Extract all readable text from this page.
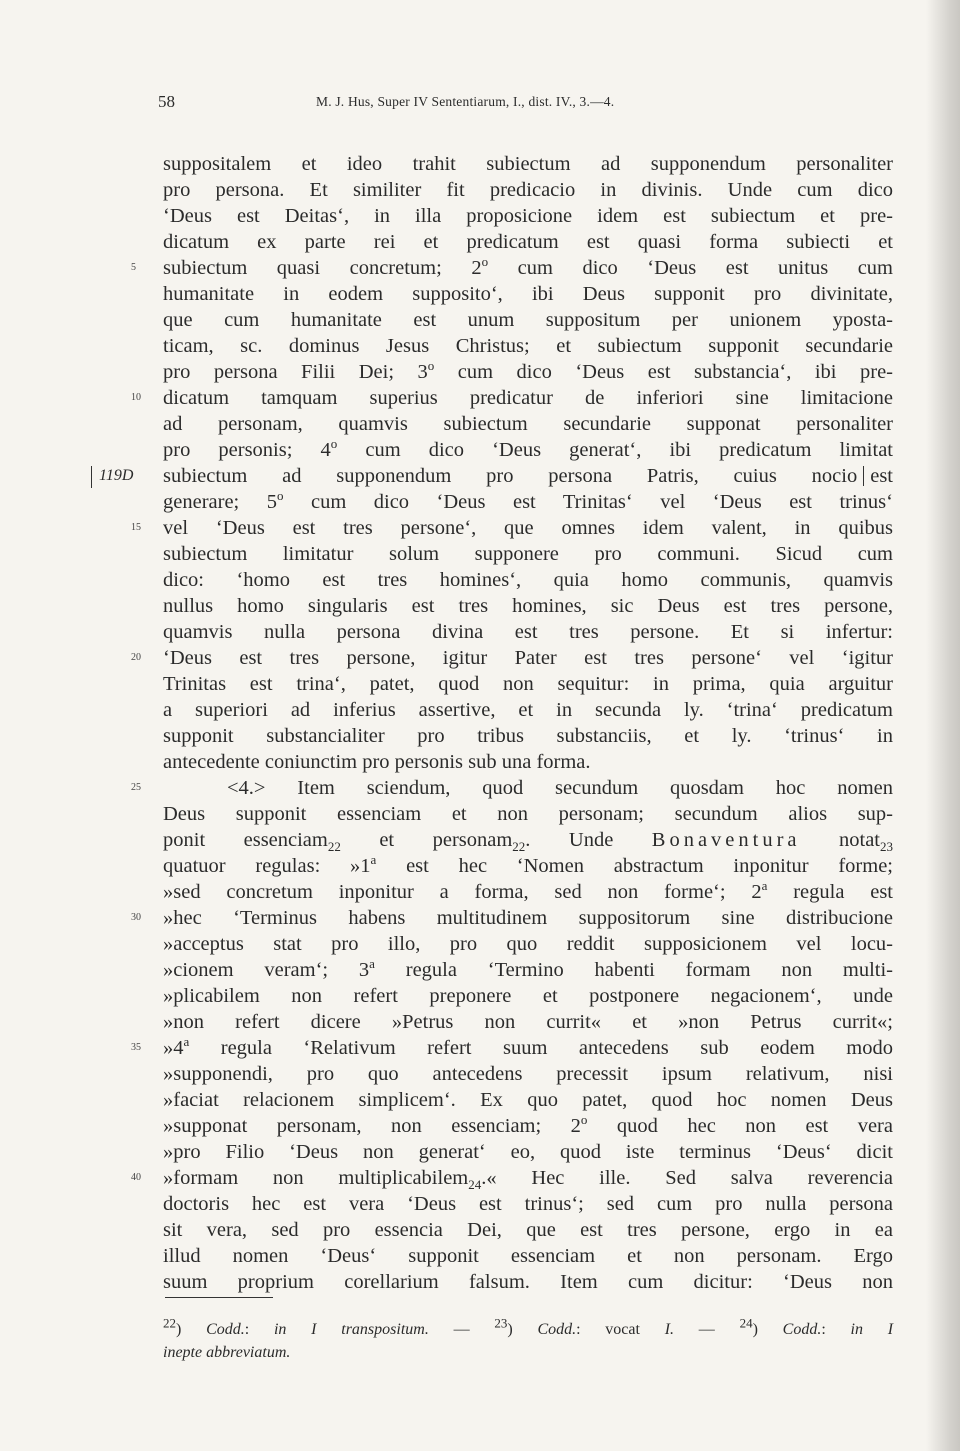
58	M. J. Hus, Super IV Sententiarum, I., dist. IV., 3.—4.
suppositalem et ideo trahit subiectum ad supponendum personaliter
pro persona. Et similiter fit predicacio in divinis. Unde cum dico
‘Deus est Deitas‘, in illa proposicione idem est subiectum et pre-
dicatum ex parte rei et predicatum est quasi forma subiecti et
5	subiectum quasi concretum; 2$^o$ cum dico ‘Deus est unitus cum
humanitate in eodem supposito‘, ibi Deus supponit pro divinitate,
que cum humanitate est unum suppositum per unionem yposta-
ticam, sc. dominus Jesus Christus; et subiectum supponit secundarie
pro persona Filii Dei; 3$^o$ cum dico ‘Deus est substancia‘, ibi pre-
10	dicatum tamquam superius predicatur de inferiori sine limitacione
ad personam, quamvis subiectum secundarie supponat personaliter
pro personis; 4$^o$ cum dico ‘Deus generat‘, ibi predicatum limitat
119D	subiectum ad supponendum pro persona Patris, cuius nocio est
generare; 5$^o$ cum dico ‘Deus est Trinitas‘ vel ‘Deus est trinus‘
15	vel ‘Deus est tres persone‘, que omnes idem valent, in quibus
subiectum limitatur solum supponere pro communi. Sicud cum
dico: ‘homo est tres homines‘, quia homo communis, quamvis
nullus homo singularis est tres homines, sic Deus est tres persone,
quamvis nulla persona divina est tres persone. Et si infertur:
20	‘Deus est tres persone, igitur Pater est tres persone‘ vel ‘igitur
Trinitas est trina‘, patet, quod non sequitur: in prima, quia arguitur
a superiori ad inferius assertive, et in secunda ly. ‘trina‘ predicatum
supponit substancialiter pro tribus substanciis, et ly. ‘trinus‘ in
antecedente coniunctim pro personis sub una forma.
25	<4.> Item sciendum, quod secundum quosdam hoc nomen
Deus supponit essenciam et non personam; secundum alios sup-
ponit essenciam$_{22}$ et personam$_{22}$. Unde Bonaventura notat$_{23}$
quatuor regulas: »1$^a$ est hec ‘Nomen abstractum inponitur forme;
»sed concretum inponitur a forma, sed non forme‘; 2$^a$ regula est
30	»hec ‘Terminus habens multitudinem suppositorum sine distribucione
»acceptus stat pro illo, pro quo reddit supposicionem vel locu-
»cionem veram‘; 3$^a$ regula ‘Termino habenti formam non multi-
»plicabilem non refert preponere et postponere negacionem‘, unde
»non refert dicere »Petrus non currit« et »non Petrus currit«;
35	»4$^a$ regula ‘Relativum refert suum antecedens sub eodem modo
»supponendi, pro quo antecedens precessit ipsum relativum, nisi
»faciat relacionem simplicem‘. Ex quo patet, quod hoc nomen Deus
»supponat personam, non essenciam; 2$^o$ quod hec non est vera
»pro Filio ‘Deus non generat‘ eo, quod iste terminus ‘Deus‘ dicit
40	»formam non multiplicabilem$_{24}$.« Hec ille. Sed salva reverencia
doctoris hec est vera ‘Deus est trinus‘; sed cum pro nulla persona
sit vera, sed pro essencia Dei, que est tres persone, ergo in ea
illud nomen ‘Deus‘ supponit essenciam et non personam. Ergo
suum proprium corellarium falsum. Item cum dicitur: ‘Deus non
$^{22}$) Codd.: in I transpositum. — $^{23}$) Codd.: vocat I. — $^{24}$) Codd.: in I
inepte abbreviatum.
